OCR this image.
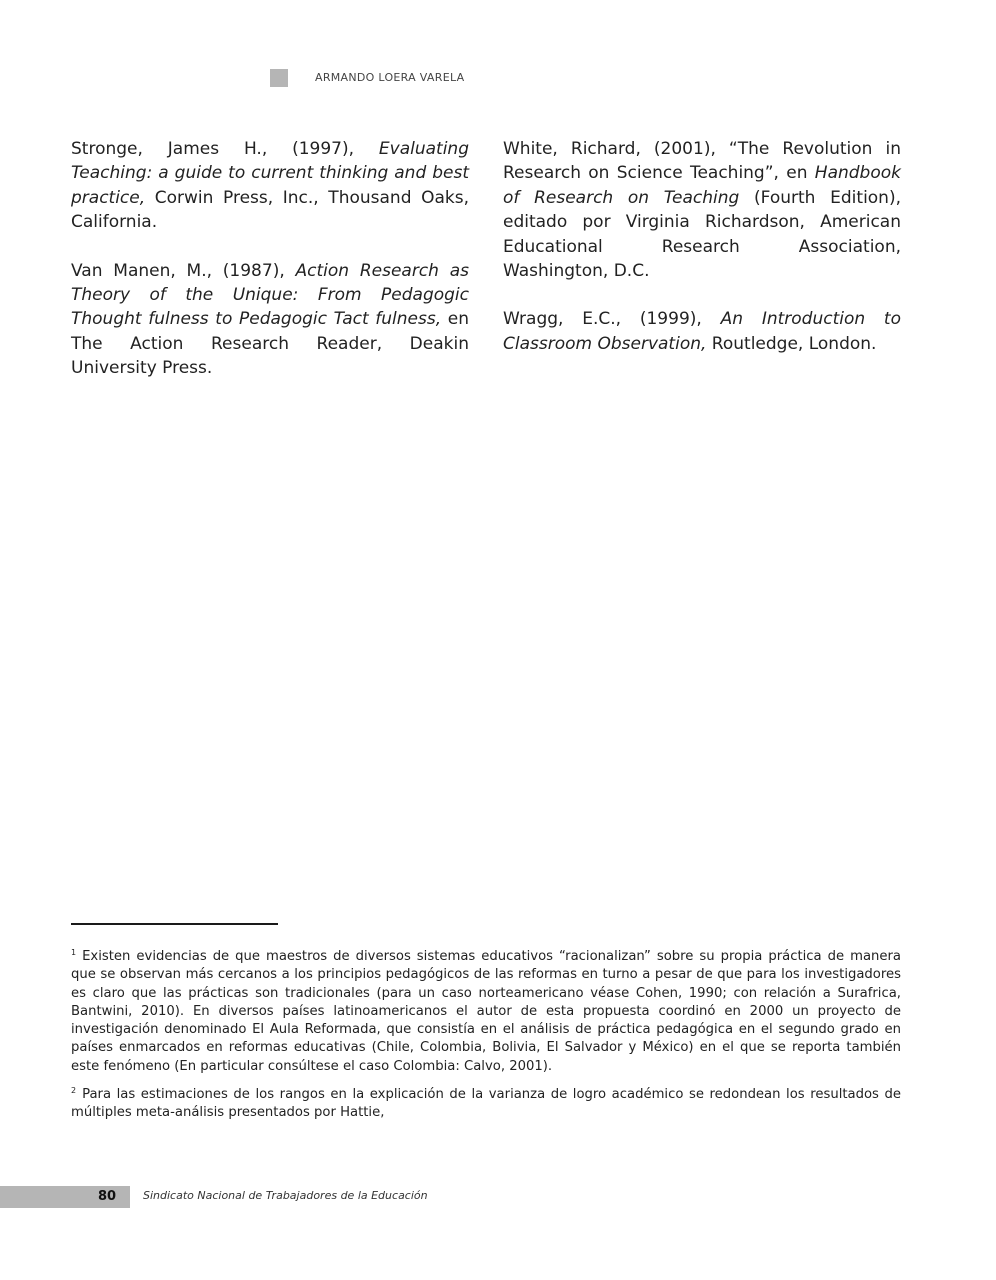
ARMANDO LOERA VARELA

Stronge, James H., (1997), Evaluating Teaching: a guide to current thinking and best practice, Corwin Press, Inc., Thousand Oaks, California.

Van Manen, M., (1987), Action Research as Theory of the Unique: From Pedagogic Thought fulness to Pedagogic Tact fulness, en The Action Research Reader, Deakin University Press.

White, Richard, (2001), “The Revolution in Research on Science Teaching”, en Handbook of Research on Teaching (Fourth Edition), editado por Virginia Richardson, American Educational Research Association, Washington, D.C.

Wragg, E.C., (1999), An Introduction to Classroom Observation, Routledge, London.

$^1$ Existen evidencias de que maestros de diversos sistemas educativos “racionalizan” sobre su propia práctica de manera que se observan más cercanos a los principios pedagógicos de las reformas en turno a pesar de que para los investigadores es claro que las prácticas son tradicionales (para un caso norteamericano véase Cohen, 1990; con relación a Surafrica, Bantwini, 2010). En diversos países latinoamericanos el autor de esta propuesta coordinó en 2000 un proyecto de investigación denominado El Aula Reformada, que consistía en el análisis de práctica pedagógica en el segundo grado en países enmarcados en reformas educativas (Chile, Colombia, Bolivia, El Salvador y México) en el que se reporta también este fenómeno (En particular consúltese el caso Colombia: Calvo, 2001).

$^2$ Para las estimaciones de los rangos en la explicación de la varianza de logro académico se redondean los resultados de múltiples meta-análisis presentados por Hattie,

80	Sindicato Nacional de Trabajadores de la Educación
